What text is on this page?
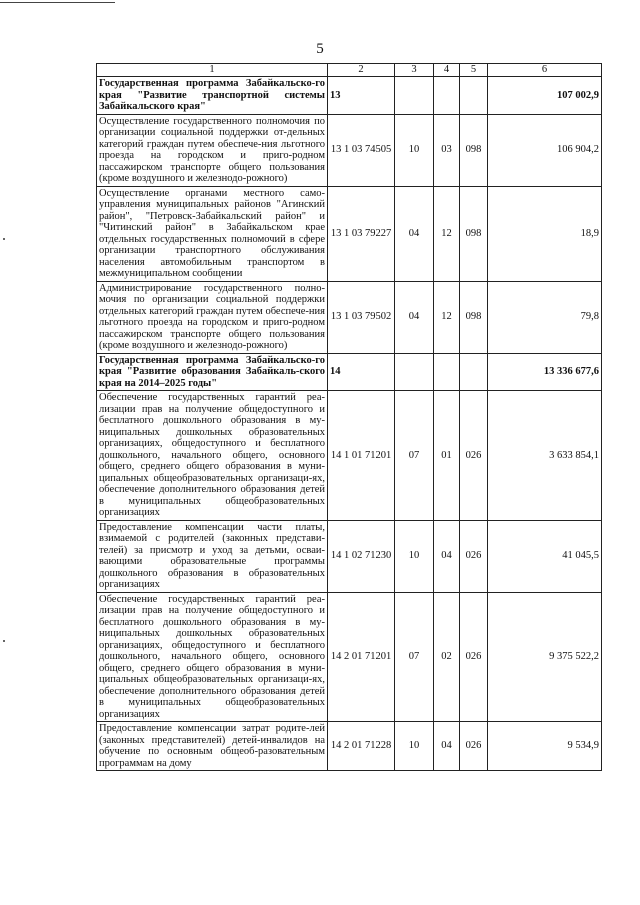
5
1	2	3	4	5	6
Государственная программа Забайкальско-го края "Развитие транспортной системы Забайкальского края"	13				107 002,9
Осуществление государственного полномочия по организации социальной поддержки от-дельных категорий граждан путем обеспече-ния льготного проезда на городском и приго-родном пассажирском транспорте общего пользования (кроме воздушного и железнодо-рожного)	13 1 03 74505	10	03	098	106 904,2
Осуществление органами местного само-управления муниципальных районов "Агинский район", "Петровск-Забайкальский район" и "Читинский район" в Забайкальском крае отдельных государственных полномочий в сфере организации транспортного обслуживания населения автомобильным транспортом в межмуниципальном сообщении	13 1 03 79227	04	12	098	18,9
Администрирование государственного полно-мочия по организации социальной поддержки отдельных категорий граждан путем обеспече-ния льготного проезда на городском и приго-родном пассажирском транспорте общего пользования (кроме воздушного и железнодо-рожного)	13 1 03 79502	04	12	098	79,8
Государственная программа Забайкальско-го края "Развитие образования Забайкаль-ского края на 2014–2025 годы"	14				13 336 677,6
Обеспечение государственных гарантий реа-лизации прав на получение общедоступного и бесплатного дошкольного образования в му-ниципальных дошкольных образовательных организациях, общедоступного и бесплатного дошкольного, начального общего, основного общего, среднего общего образования в муни-ципальных общеобразовательных организаци-ях, обеспечение дополнительного образования детей в муниципальных общеобразовательных организациях	14 1 01 71201	07	01	026	3 633 854,1
Предоставление компенсации части платы, взимаемой с родителей (законных представи-телей) за присмотр и уход за детьми, осваи-вающими образовательные программы дошкольного образования в образовательных организациях	14 1 02 71230	10	04	026	41 045,5
Обеспечение государственных гарантий реа-лизации прав на получение общедоступного и бесплатного дошкольного образования в му-ниципальных дошкольных образовательных организациях, общедоступного и бесплатного дошкольного, начального общего, основного общего, среднего общего образования в муни-ципальных общеобразовательных организаци-ях, обеспечение дополнительного образования детей в муниципальных общеобразовательных организациях	14 2 01 71201	07	02	026	9 375 522,2
Предоставление компенсации затрат родите-лей (законных представителей) детей-инвалидов на обучение по основным общеоб-разовательным программам на дому	14 2 01 71228	10	04	026	9 534,9
